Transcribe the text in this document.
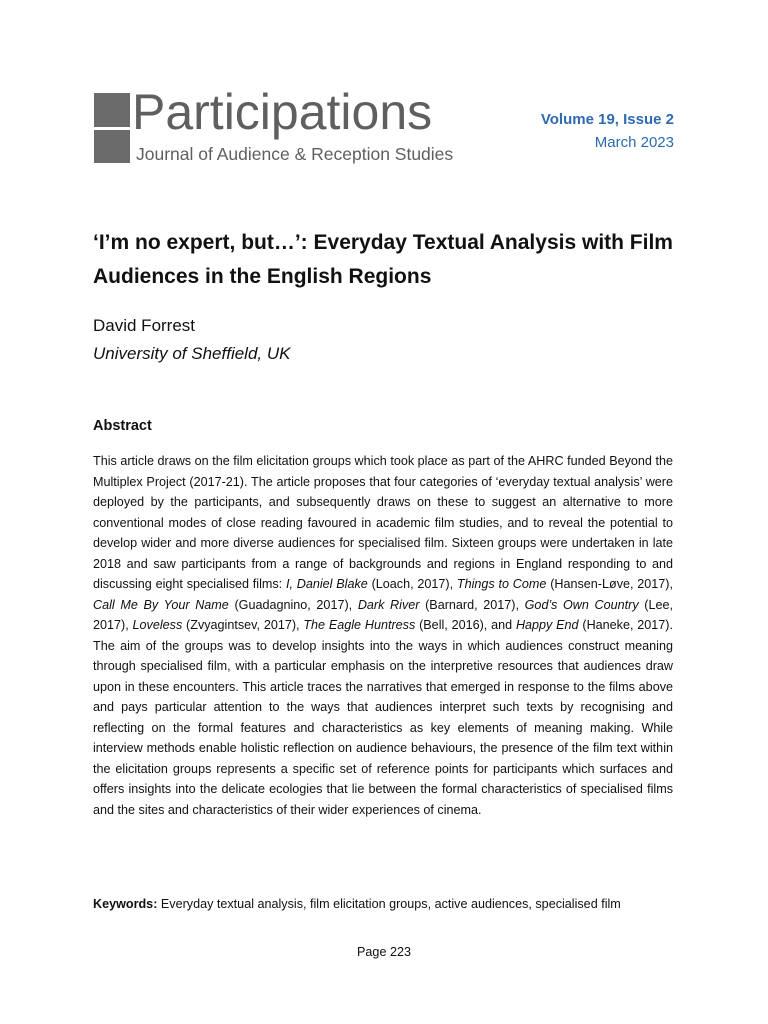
Participations
Journal of Audience & Reception Studies
Volume 19, Issue 2
March 2023
‘I’m no expert, but…’: Everyday Textual Analysis with Film Audiences in the English Regions
David Forrest
University of Sheffield, UK
Abstract
This article draws on the film elicitation groups which took place as part of the AHRC funded Beyond the Multiplex Project (2017-21). The article proposes that four categories of ‘everyday textual analysis’ were deployed by the participants, and subsequently draws on these to suggest an alternative to more conventional modes of close reading favoured in academic film studies, and to reveal the potential to develop wider and more diverse audiences for specialised film. Sixteen groups were undertaken in late 2018 and saw participants from a range of backgrounds and regions in England responding to and discussing eight specialised films: I, Daniel Blake (Loach, 2017), Things to Come (Hansen-Løve, 2017), Call Me By Your Name (Guadagnino, 2017), Dark River (Barnard, 2017), God’s Own Country (Lee, 2017), Loveless (Zvyagintsev, 2017), The Eagle Huntress (Bell, 2016), and Happy End (Haneke, 2017). The aim of the groups was to develop insights into the ways in which audiences construct meaning through specialised film, with a particular emphasis on the interpretive resources that audiences draw upon in these encounters. This article traces the narratives that emerged in response to the films above and pays particular attention to the ways that audiences interpret such texts by recognising and reflecting on the formal features and characteristics as key elements of meaning making. While interview methods enable holistic reflection on audience behaviours, the presence of the film text within the elicitation groups represents a specific set of reference points for participants which surfaces and offers insights into the delicate ecologies that lie between the formal characteristics of specialised films and the sites and characteristics of their wider experiences of cinema.
Keywords: Everyday textual analysis, film elicitation groups, active audiences, specialised film
Page 223
